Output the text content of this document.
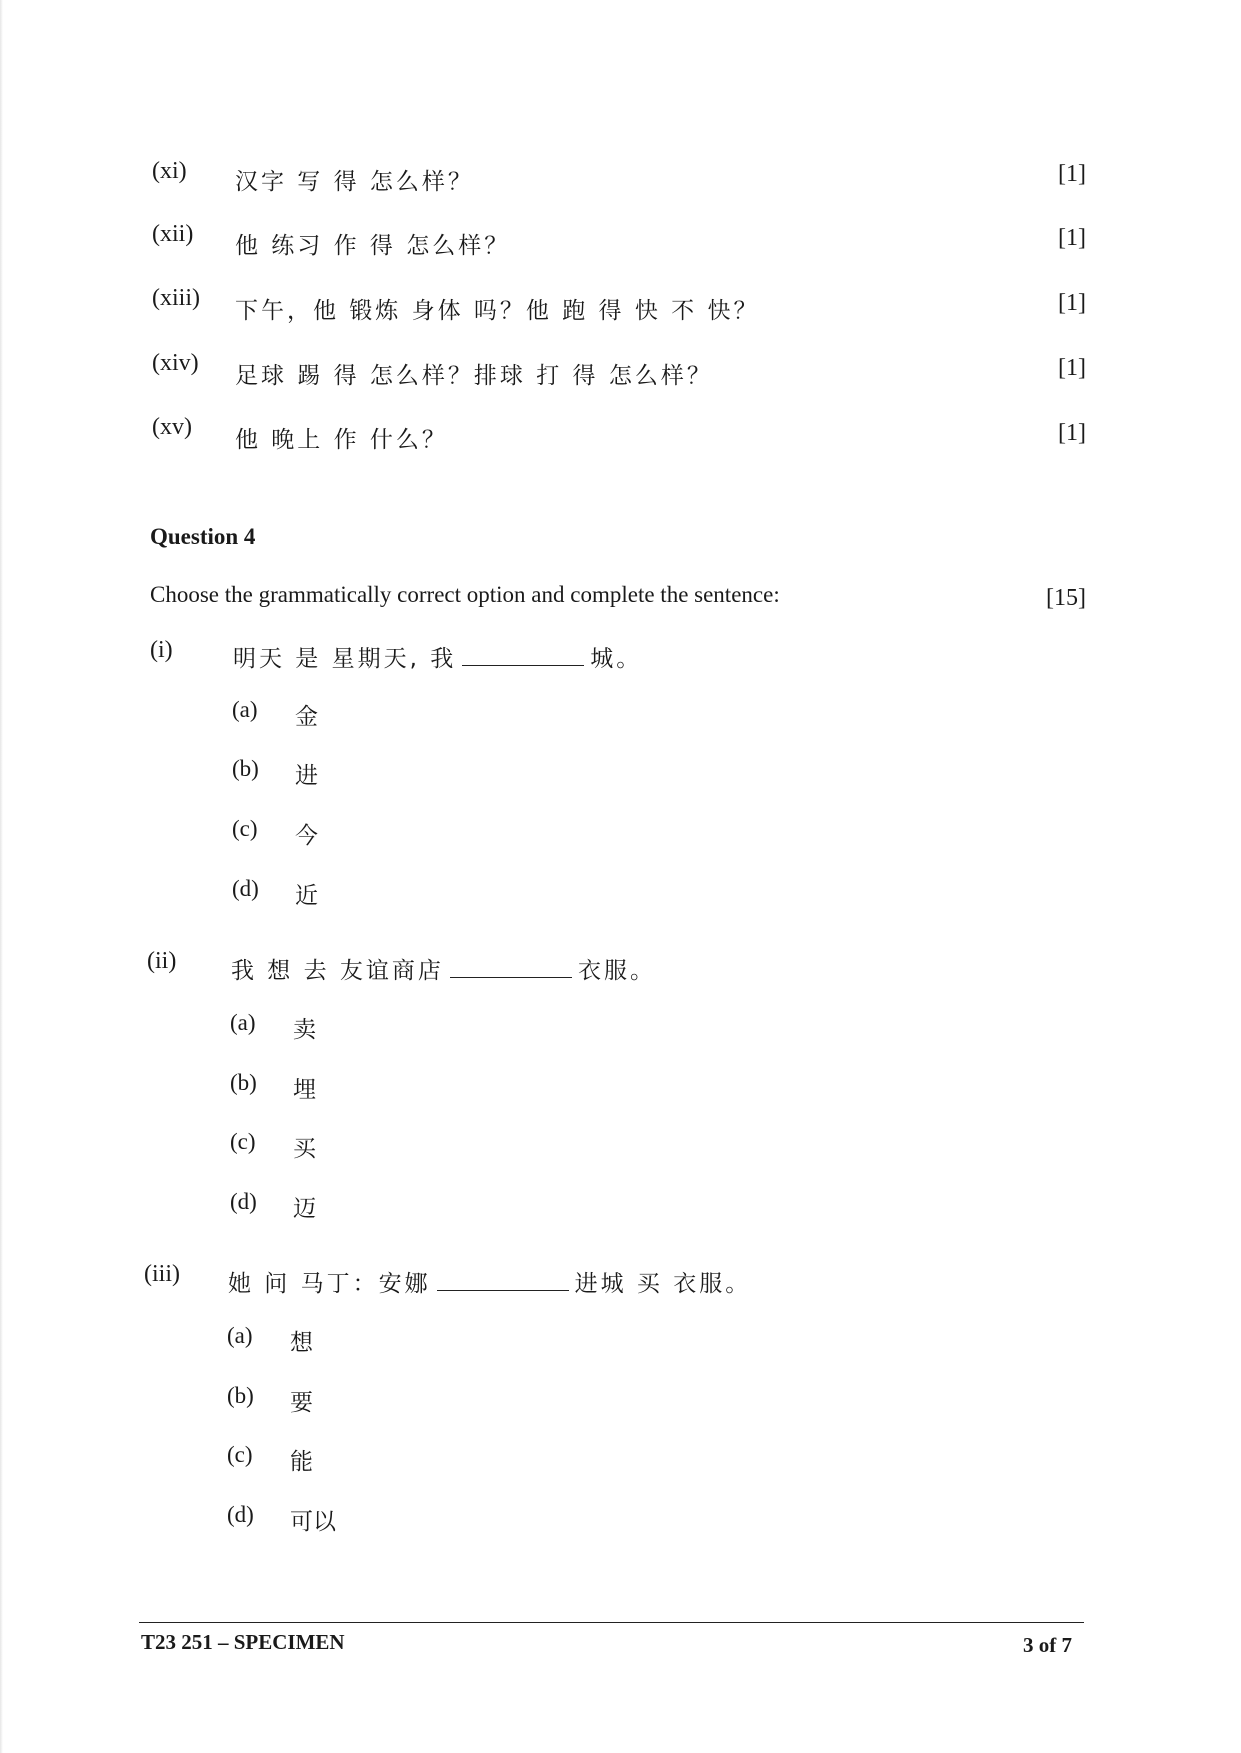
(xi) 汉字 写 得 怎么样？	[1]
(xii) 他 练习 作 得 怎么样？	[1]
(xiii) 下午，他 锻炼 身体 吗？他 跑 得 快 不 快？	[1]
(xiv) 足球 踢 得 怎么样？排球 打 得 怎么样？	[1]
(xv) 他 晚上 作 什么？	[1]
Question 4
Choose the grammatically correct option and complete the sentence:	[15]
(i)	明天 是 星期天, 我	城。
(a) 金
(b) 进
(c) 今
(d) 近
(ii) 我 想 去 友谊商店	衣服。
(a) 卖
(b) 埋
(c) 买
(d) 迈
(iii) 她 问 马丁：安娜	进城 买 衣服。
(a) 想
(b) 要
(c) 能
(d) 可以
T23 251 – SPECIMEN	3 of 7
